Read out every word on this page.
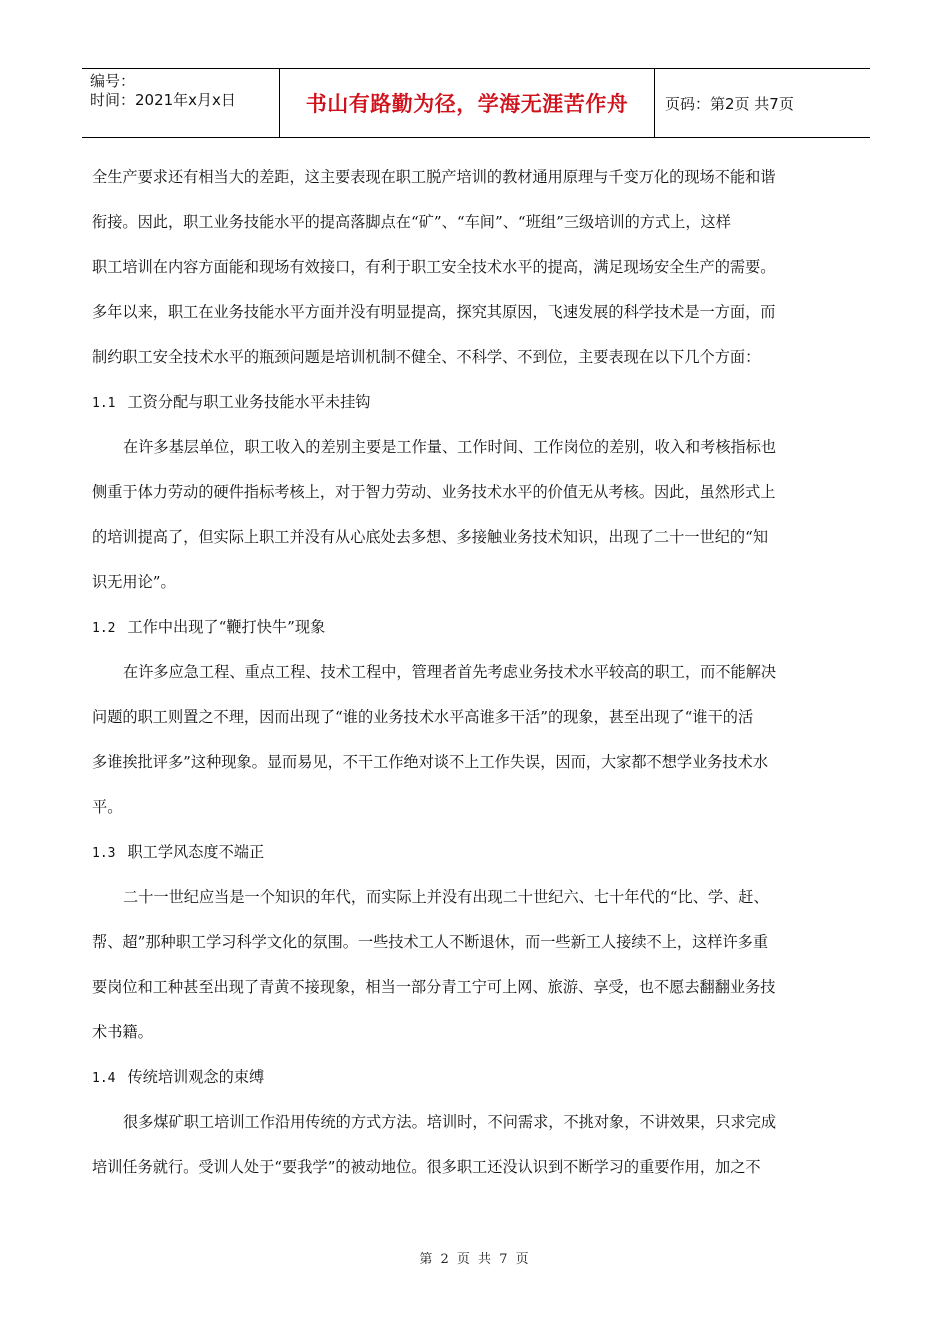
编号：
时间：2021年x月x日	书山有路勤为径，学海无涯苦作舟	页码：第2页 共7页
全生产要求还有相当大的差距，这主要表现在职工脱产培训的教材通用原理与千变万化的现场不能和谐
衔接。因此，职工业务技能水平的提高落脚点在“矿”、“车间”、“班组”三级培训的方式上，这样
职工培训在内容方面能和现场有效接口，有利于职工安全技术水平的提高，满足现场安全生产的需要。
多年以来，职工在业务技能水平方面并没有明显提高，探究其原因，飞速发展的科学技术是一方面，而
制约职工安全技术水平的瓶颈问题是培训机制不健全、不科学、不到位，主要表现在以下几个方面：
1.1 工资分配与职工业务技能水平未挂钩
在许多基层单位，职工收入的差别主要是工作量、工作时间、工作岗位的差别，收入和考核指标也
侧重于体力劳动的硬件指标考核上，对于智力劳动、业务技术水平的价值无从考核。因此，虽然形式上
的培训提高了，但实际上职工并没有从心底处去多想、多接触业务技术知识，出现了二十一世纪的“知
识无用论”。
1.2 工作中出现了“鞭打快牛”现象
在许多应急工程、重点工程、技术工程中，管理者首先考虑业务技术水平较高的职工，而不能解决
问题的职工则置之不理，因而出现了“谁的业务技术水平高谁多干活”的现象，甚至出现了“谁干的活
多谁挨批评多”这种现象。显而易见，不干工作绝对谈不上工作失误，因而，大家都不想学业务技术水
平。
1.3 职工学风态度不端正
二十一世纪应当是一个知识的年代，而实际上并没有出现二十世纪六、七十年代的“比、学、赶、
帮、超”那种职工学习科学文化的氛围。一些技术工人不断退休，而一些新工人接续不上，这样许多重
要岗位和工种甚至出现了青黄不接现象，相当一部分青工宁可上网、旅游、享受，也不愿去翻翻业务技
术书籍。
1.4 传统培训观念的束缚
很多煤矿职工培训工作沿用传统的方式方法。培训时，不问需求，不挑对象，不讲效果，只求完成
培训任务就行。受训人处于“要我学”的被动地位。很多职工还没认识到不断学习的重要作用，加之不
第 2 页 共 7 页
